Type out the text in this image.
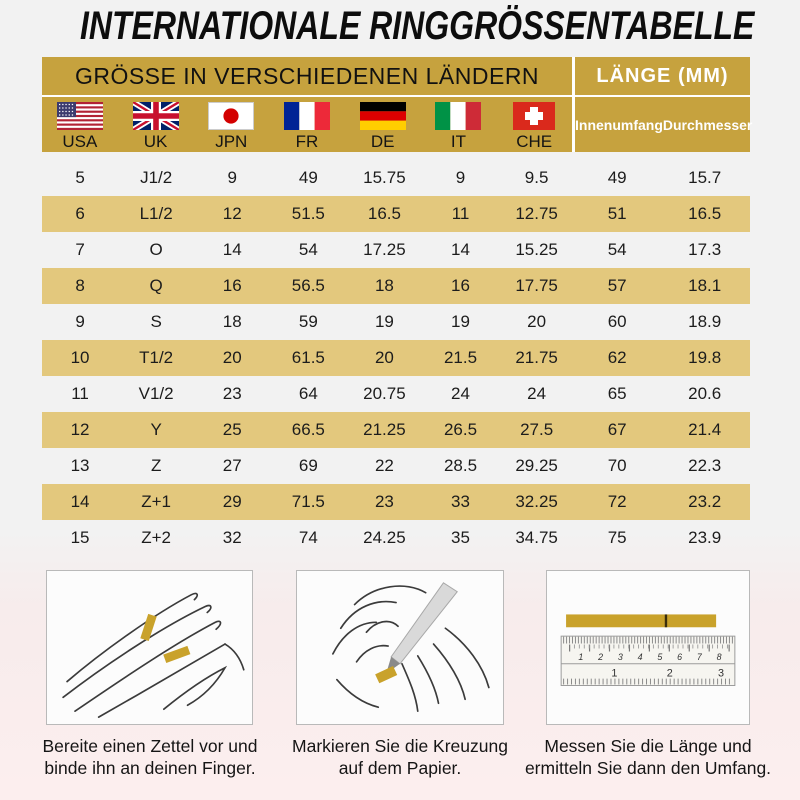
INTERNATIONALE RINGGRÖSSENTABELLE
GRÖSSE IN VERSCHIEDENEN LÄNDERN	LÄNGE (MM)
USA	UK	JPN	FR	DE	IT	CHE
Innenumfang Durchmesser
5	J1/2	9	49	15.75	9	9.5	49	15.7
6	L1/2	12	51.5	16.5	11	12.75	51	16.5
7	O	14	54	17.25	14	15.25	54	17.3
8	Q	16	56.5	18	16	17.75	57	18.1
9	S	18	59	19	19	20	60	18.9
10	T1/2	20	61.5	20	21.5	21.75	62	19.8
11	V1/2	23	64	20.75	24	24	65	20.6
12	Y	25	66.5	21.25	26.5	27.5	67	21.4
13	Z	27	69	22	28.5	29.25	70	22.3
14	Z+1	29	71.5	23	33	32.25	72	23.2
15	Z+2	32	74	24.25	35	34.75	75	23.9
1 2 3 4 5 6 7 8
1	2	3
Bereite einen Zettel vor und
binde ihn an deinen Finger.
Markieren Sie die Kreuzung
auf dem Papier.
Messen Sie die Länge und
ermitteln Sie dann den Umfang.
